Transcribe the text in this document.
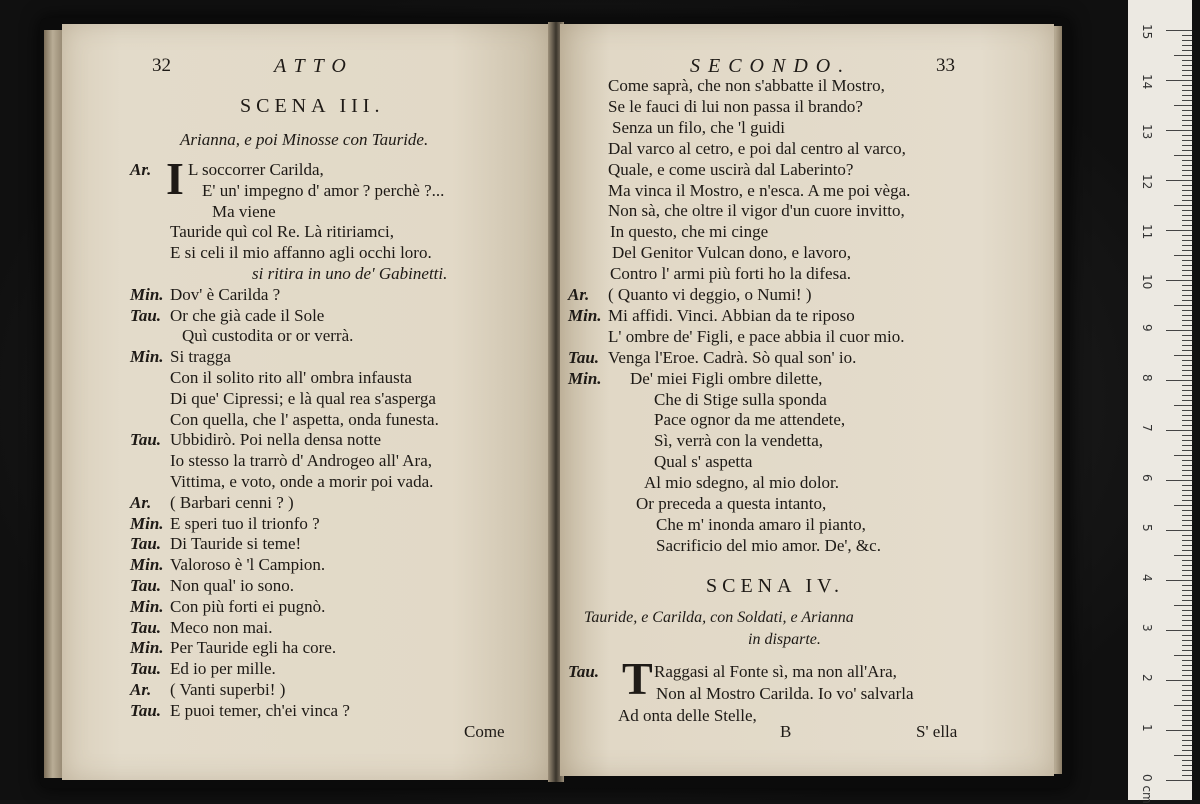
32	ATTO
SCENA III.
Arianna, e poi Minosse con Tauride.
I
Ar. L soccorrer Carilda,
E' un' impegno d' amor ? perchè ?...
Ma viene
Tauride quì col Re. Là ritiriamci,
E si celi il mio affanno agli occhi loro.
si ritira in uno de' Gabinetti.
Min. Dov' è Carilda ?
Tau. Or che già cade il Sole
Quì custodita or or verrà.
Min. Si tragga
Con il solito rito all' ombra infausta
Di que' Cipressi; e là qual rea s'asperga
Con quella, che l' aspetta, onda funesta.
Tau. Ubbidirò. Poi nella densa notte
Io stesso la trarrò d' Androgeo all' Ara,
Vittima, e voto, onde a morir poi vada.
Ar. ( Barbari cenni ? )
Min. E speri tuo il trionfo ?
Tau. Di Tauride si teme!
Min. Valoroso è 'l Campion.
Tau. Non qual' io sono.
Min. Con più forti ei pugnò.
Tau. Meco non mai.
Min. Per Tauride egli ha core.
Tau. Ed io per mille.
Ar. ( Vanti superbi! )
Tau. E puoi temer, ch'ei vinca ?
Come
SECONDO.	33
Come saprà, che non s'abbatte il Mostro,
Se le fauci di lui non passa il brando?
Senza un filo, che 'l guidi
Dal varco al cetro, e poi dal centro al varco,
Quale, e come uscirà dal Laberinto?
Ma vinca il Mostro, e n'esca. A me poi vèga.
Non sà, che oltre il vigor d'un cuore invitto,
In questo, che mi cinge
Del Genitor Vulcan dono, e lavoro,
Contro l' armi più forti ho la difesa.
Ar. ( Quanto vi deggio, o Numi! )
Min. Mi affidi. Vinci. Abbian da te riposo
L' ombre de' Figli, e pace abbia il cuor mio.
Tau. Venga l'Eroe. Cadrà. Sò qual son' io.
Min. De' miei Figli ombre dilette,
Che di Stige sulla sponda
Pace ognor da me attendete,
Sì, verrà con la vendetta,
Qual s' aspetta
Al mio sdegno, al mio dolor.
Or preceda a questa intanto,
Che m' inonda amaro il pianto,
Sacrificio del mio amor. De', &c.
SCENA IV.
Tauride, e Carilda, con Soldati, e Arianna
in disparte.
Tau. T Raggasi al Fonte sì, ma non all'Ara,
Non al Mostro Carilda. Io vo' salvarla
Ad onta delle Stelle,
B	S' ella
0 cm
1
2
3
4
5
6
7
8
9
10
11
12
13
14
15
